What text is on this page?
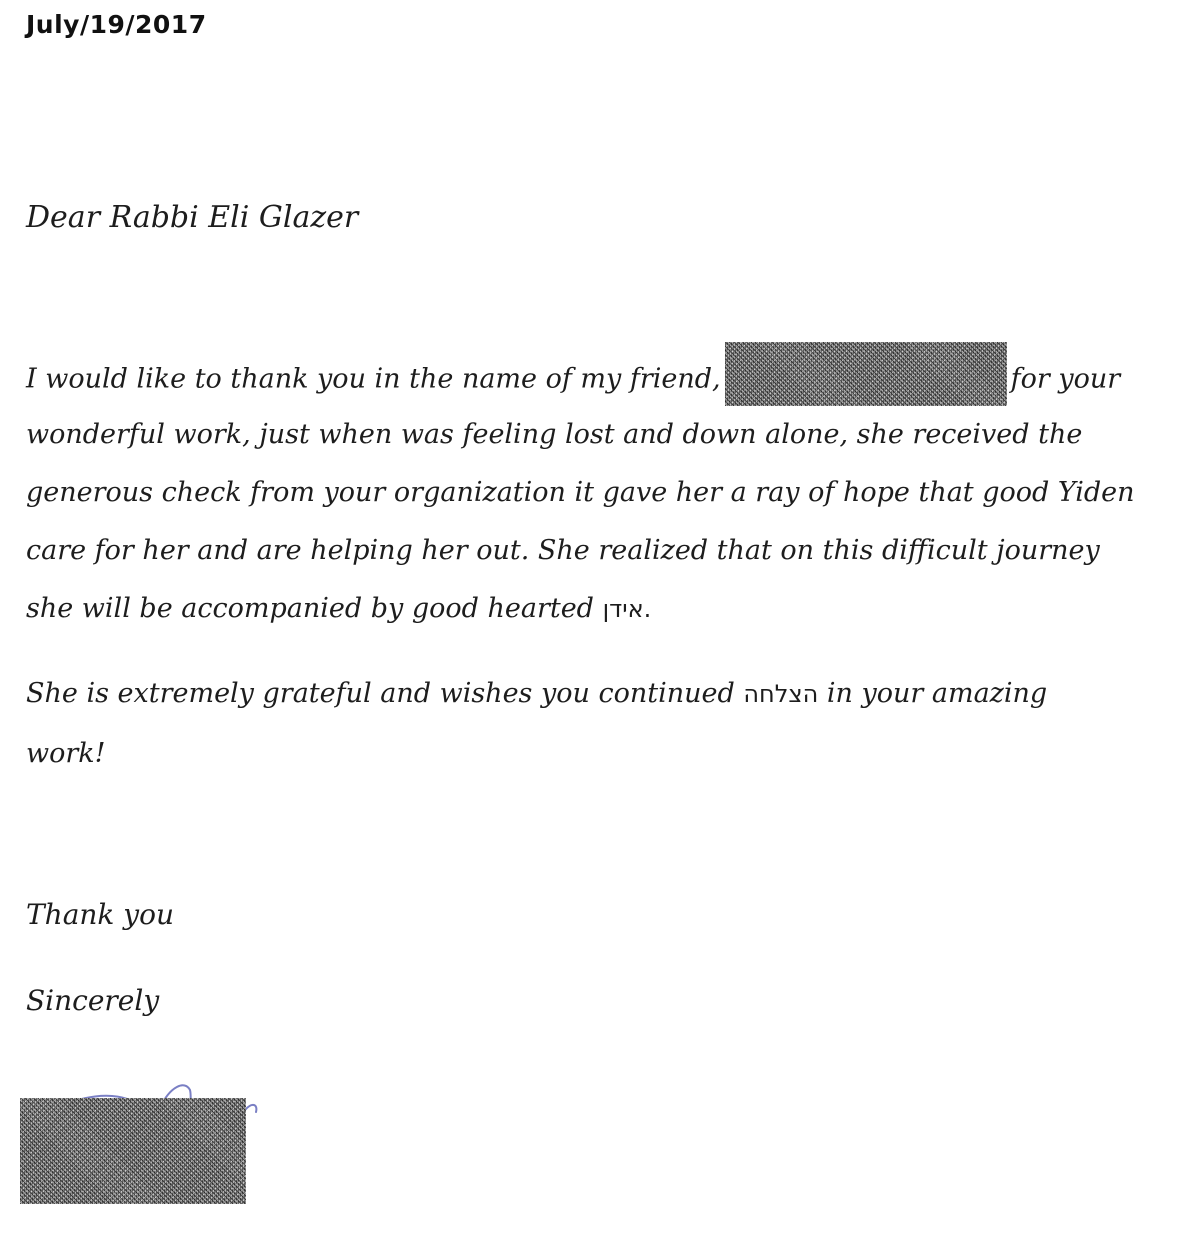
July/19/2017
Dear Rabbi Eli Glazer
I would like to thank you in the name of my friend,	for your
wonderful work, just when was feeling lost and down alone, she received the
generous check from your organization it gave her a ray of hope that good Yiden
care for her and are helping her out. She realized that on this difficult journey
she will be accompanied by good hearted אידן.
She is extremely grateful and wishes you continued הצלחה in your amazing
work!
Thank you
Sincerely
